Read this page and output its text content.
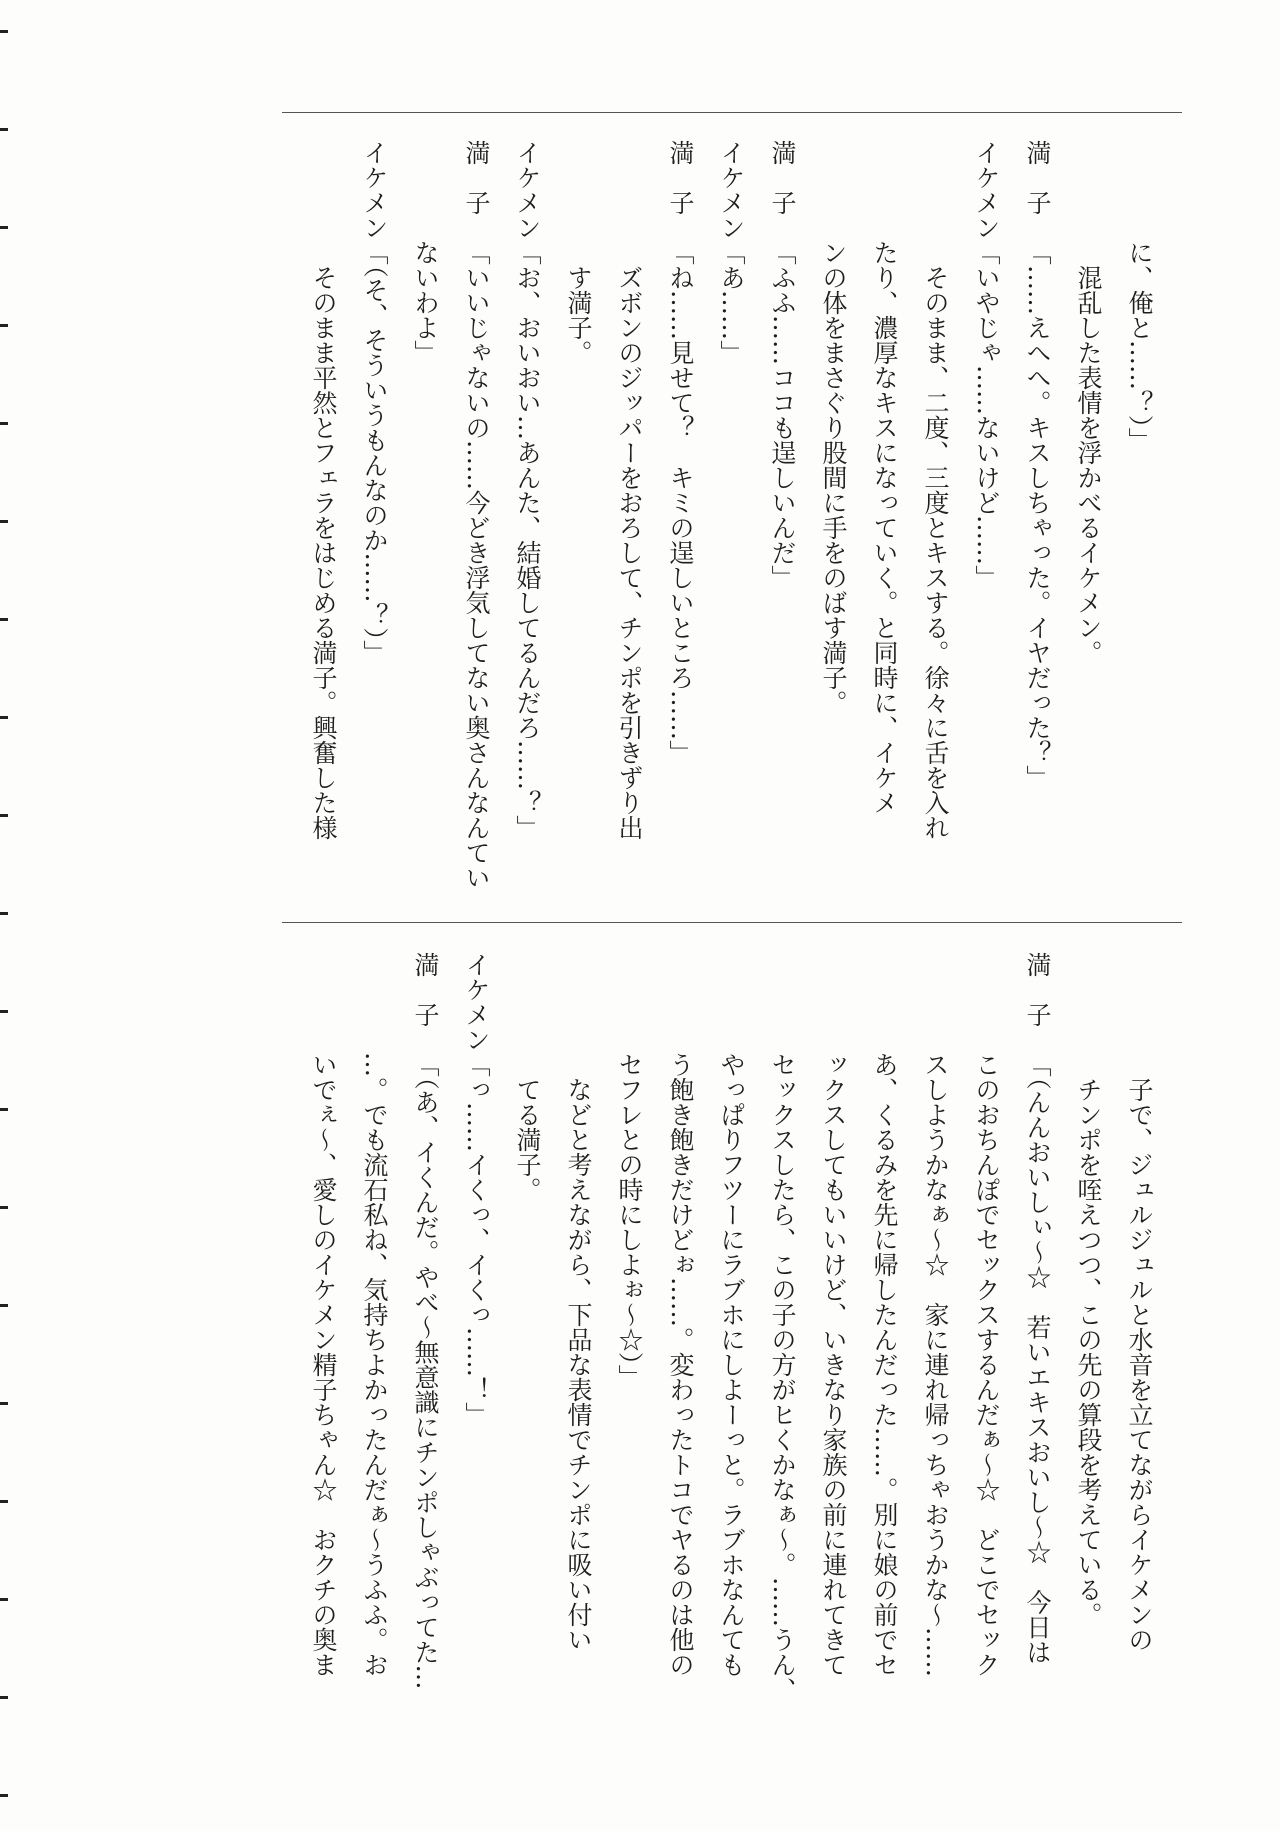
に、俺と……？）」
混乱した表情を浮かべるイケメン。
満　子「……えへへ。キスしちゃった。イヤだった？」
イケメン「いやじゃ……ないけど……」
そのまま、二度、三度とキスする。徐々に舌を入れ
たり、濃厚なキスになっていく。と同時に、イケメ
ンの体をまさぐり股間に手をのばす満子。
満　子「ふふ……ココも逞しいんだ」
イケメン「あ……」
満　子「ね……見せて？　キミの逞しいところ……」
ズボンのジッパーをおろして、チンポを引きずり出
す満子。
イケメン「お、おいおい…あんた、結婚してるんだろ……？」
満　子「いいじゃないの……今どき浮気してない奥さんなんてい
ないわよ」
イケメン「（そ、そういうもんなのか……？）」
そのまま平然とフェラをはじめる満子。興奮した様
子で、ジュルジュルと水音を立てながらイケメンの
チンポを咥えつつ、この先の算段を考えている。
満　子「（んんおいしぃ〜☆　若いエキスおいし〜☆　今日は
このおちんぽでセックスするんだぁ〜☆　どこでセック
スしようかなぁ〜☆　家に連れ帰っちゃおうかな〜……
あ、くるみを先に帰したんだった……。別に娘の前でセ
ックスしてもいいけど、いきなり家族の前に連れてきて
セックスしたら、この子の方がヒくかなぁ〜。……うん、
やっぱりフツーにラブホにしよーっと。ラブホなんても
う飽き飽きだけどぉ……。変わったトコでヤるのは他の
セフレとの時にしよぉ〜☆）」
などと考えながら、下品な表情でチンポに吸い付い
てる満子。
イケメン「っ……イくっ、イくっ……！」
満　子「（あ、イくんだ。やべ〜無意識にチンポしゃぶってた…
…。でも流石私ね、気持ちよかったんだぁ〜うふふ。お
いでぇ〜、愛しのイケメン精子ちゃん☆　おクチの奥ま
